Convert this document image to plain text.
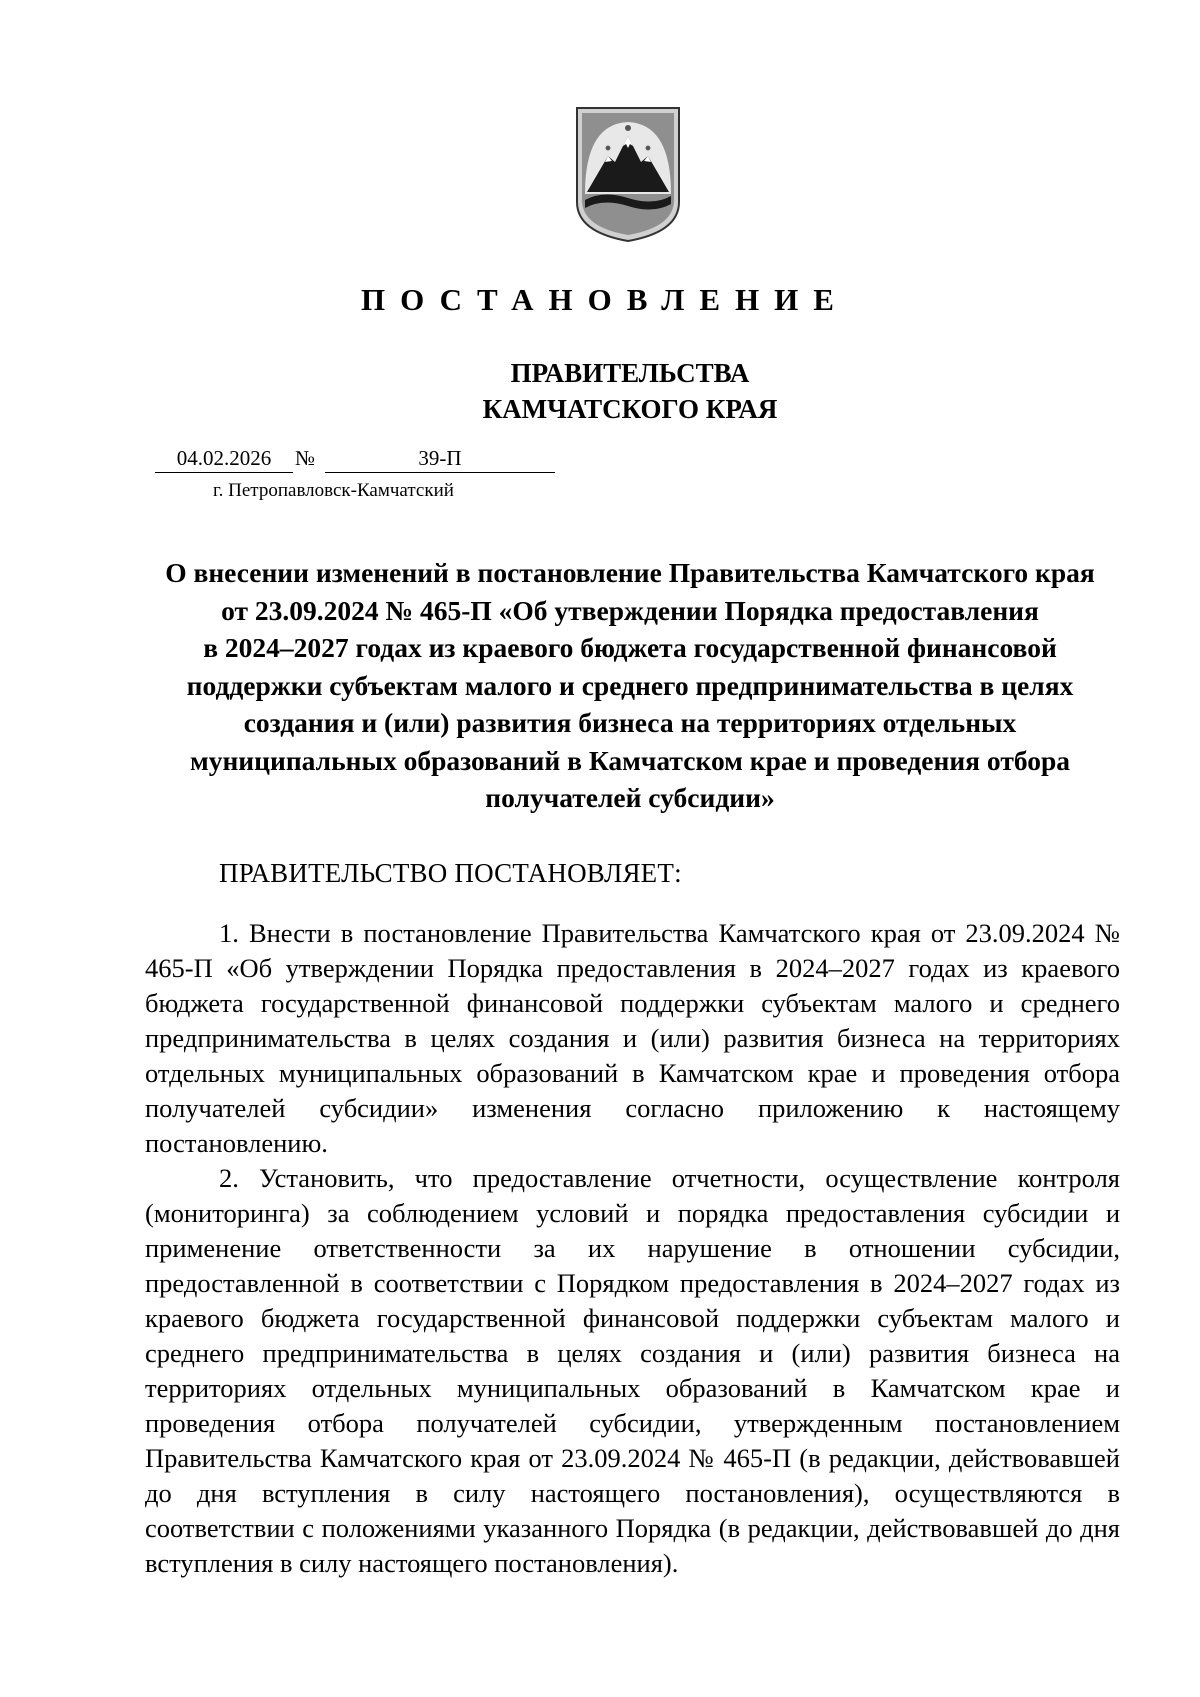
ПОСТАНОВЛЕНИЕ
ПРАВИТЕЛЬСТВА
КАМЧАТСКОГО КРАЯ
04.02.2026	№	39-П
г. Петропавловск-Камчатский
О внесении изменений в постановление Правительства Камчатского края
от 23.09.2024 № 465-П «Об утверждении Порядка предоставления
в 2024–2027 годах из краевого бюджета государственной финансовой
поддержки субъектам малого и среднего предпринимательства в целях
создания и (или) развития бизнеса на территориях отдельных
муниципальных образований в Камчатском крае и проведения отбора
получателей субсидии»
ПРАВИТЕЛЬСТВО ПОСТАНОВЛЯЕТ:

1. Внести в постановление Правительства Камчатского края от 23.09.2024 № 465-П «Об утверждении Порядка предоставления в 2024–2027 годах из краевого бюджета государственной финансовой поддержки субъектам малого и среднего предпринимательства в целях создания и (или) развития бизнеса на территориях отдельных муниципальных образований в Камчатском крае и проведения отбора получателей субсидии» изменения согласно приложению к настоящему постановлению.

2. Установить, что предоставление отчетности, осуществление контроля (мониторинга) за соблюдением условий и порядка предоставления субсидии и применение ответственности за их нарушение в отношении субсидии, предоставленной в соответствии с Порядком предоставления в 2024–2027 годах из краевого бюджета государственной финансовой поддержки субъектам малого и среднего предпринимательства в целях создания и (или) развития бизнеса на территориях отдельных муниципальных образований в Камчатском крае и проведения отбора получателей субсидии, утвержденным постановлением Правительства Камчатского края от 23.09.2024 № 465-П (в редакции, действовавшей до дня вступления в силу настоящего постановления), осуществляются в соответствии с положениями указанного Порядка (в редакции, действовавшей до дня вступления в силу настоящего постановления).
